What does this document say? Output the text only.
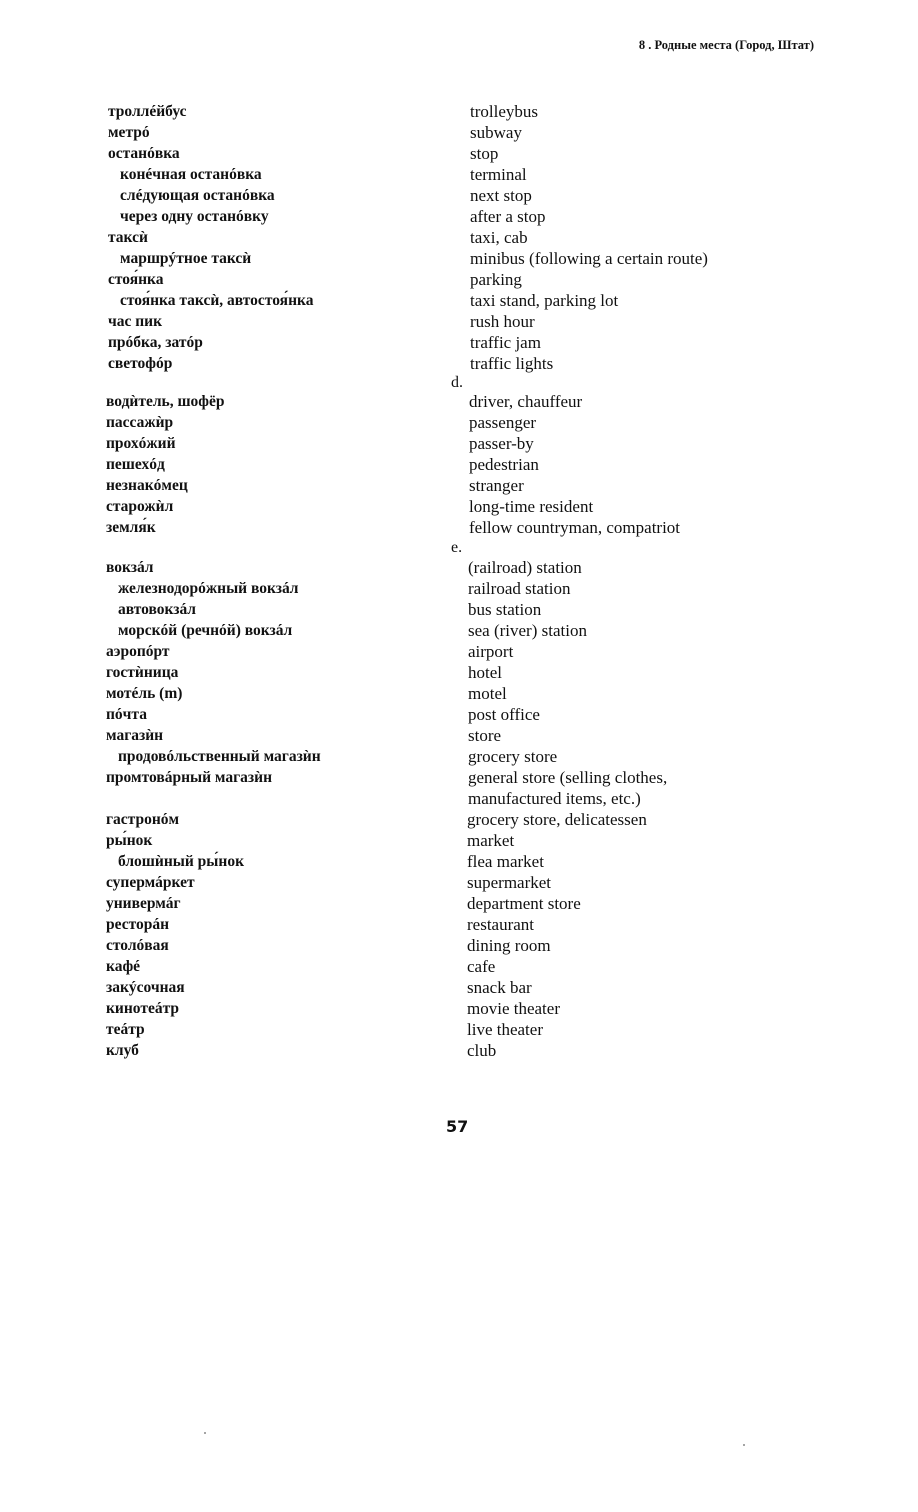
8 . Родные места (Город, Штат)
троллéйбус	trolleybus
метрó	subway
останóвка	stop
конéчная останóвка	terminal
слéдующая останóвка	next stop
через одну останóвку	after a stop
таксѝ	taxi, cab
маршрýтное таксѝ	minibus (following a certain route)
стоя́нка	parking
стоя́нка таксѝ, автостоя́нка	taxi stand, parking lot
час пик	rush hour
прóбка, затóр	traffic jam
светофóр	traffic lights
водѝтель, шофёр	driver, chauffeur
пассажѝр	passenger
прохóжий	passer-by
пешехóд	pedestrian
незнакóмец	stranger
старожѝл	long-time resident
земля́к	fellow countryman, compatriot
вокзáл	(railroad) station
железнодорóжный вокзáл	railroad station
автовокзáл	bus station
морскóй (речнóй) вокзáл	sea (river) station
аэропóрт	airport
гостѝница	hotel
мотéль (m)	motel
пóчта	post office
магазѝн	store
продовóльственный магазѝн	grocery store
промтовáрный магазѝн	general store (selling clothes,
manufactured items, etc.)
гастронóм	grocery store, delicatessen
ры́нок	market
блошѝный ры́нок	flea market
супермáркет	supermarket
универмáг	department store
ресторáн	restaurant
столóвая	dining room
кафé	cafe
закýсочная	snack bar
кинотеáтр	movie theater
теáтр	live theater
клуб	club
d.
e.
57
